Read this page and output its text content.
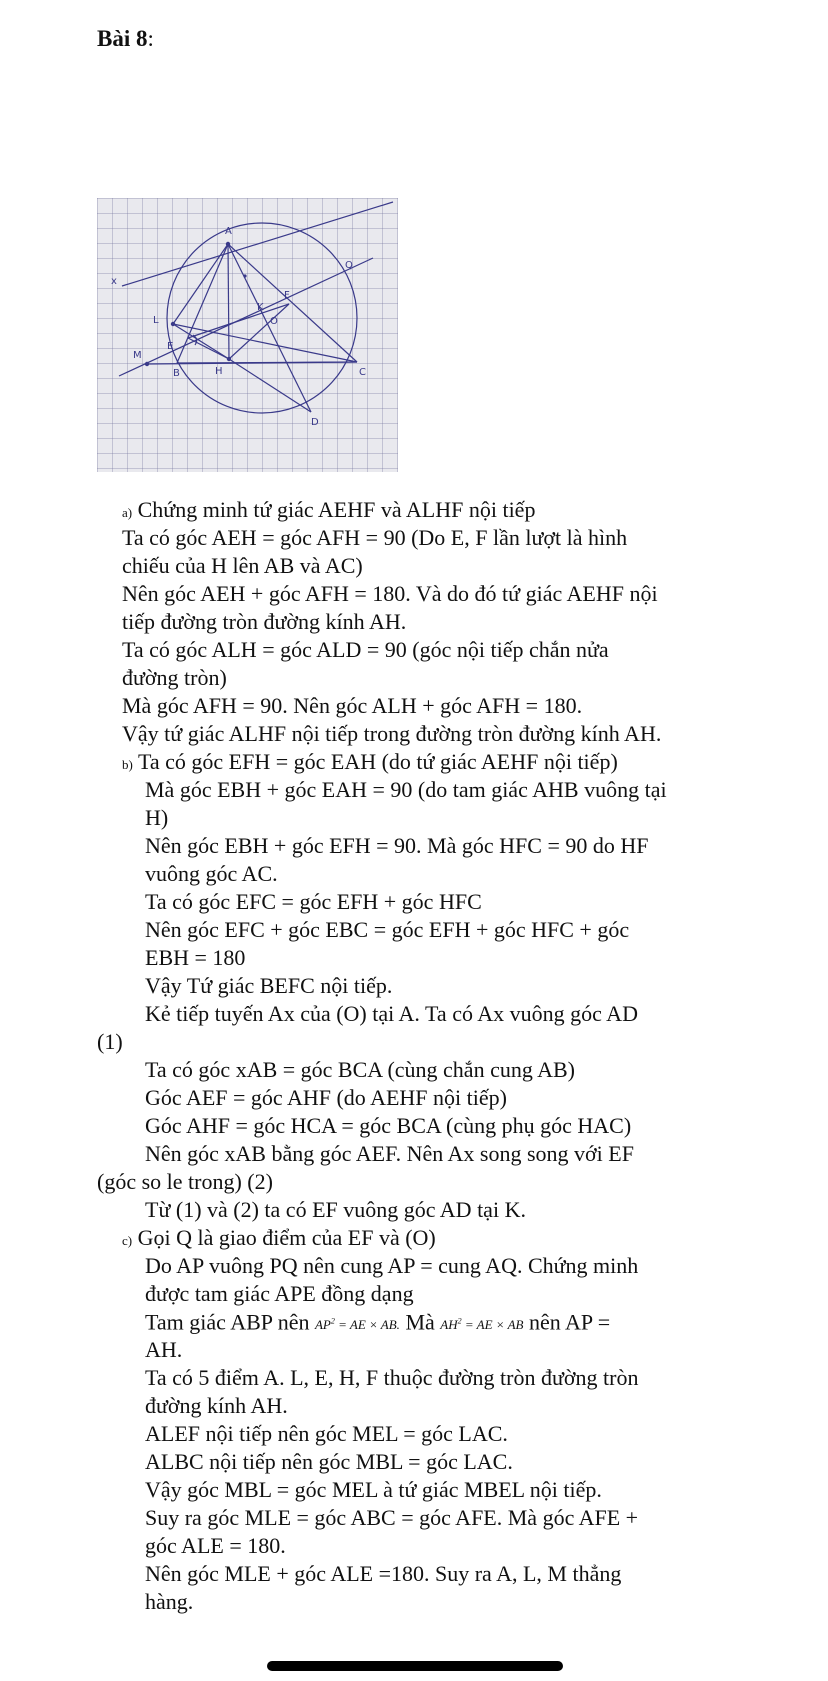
Bài 8:
A
x
Q
F
K
O
L
E
M
B	H	C
D
a) Chứng minh tứ giác AEHF và ALHF nội tiếp
Ta có góc AEH = góc AFH = 90 (Do E, F lần lượt là hình
chiếu của H lên AB và AC)
Nên góc AEH + góc AFH = 180. Và do đó tứ giác AEHF nội
tiếp đường tròn đường kính AH.
Ta có góc ALH = góc ALD = 90 (góc nội tiếp chắn nửa
đường tròn)
Mà góc AFH = 90. Nên góc ALH + góc AFH = 180.
Vậy tứ giác ALHF nội tiếp trong đường tròn đường kính AH.
b) Ta có góc EFH = góc EAH (do tứ giác AEHF nội tiếp)
Mà góc EBH + góc EAH = 90 (do tam giác AHB vuông tại
H)
Nên góc EBH + góc EFH = 90. Mà góc HFC = 90 do HF
vuông góc AC.
Ta có góc EFC = góc EFH + góc HFC
Nên góc EFC + góc EBC = góc EFH + góc HFC + góc
EBH = 180
Vậy Tứ giác BEFC nội tiếp.
Kẻ tiếp tuyến Ax của (O) tại A. Ta có Ax vuông góc AD
(1)
Ta có góc xAB = góc BCA (cùng chắn cung AB)
Góc AEF = góc AHF (do AEHF nội tiếp)
Góc AHF = góc HCA = góc BCA (cùng phụ góc HAC)
Nên góc xAB bằng góc AEF. Nên Ax song song với EF
(góc so le trong) (2)
Từ (1) và (2) ta có EF vuông góc AD tại K.
c) Gọi Q là giao điểm của EF và (O)
Do AP vuông PQ nên cung AP = cung AQ. Chứng minh
được tam giác APE đồng dạng
Tam giác ABP nên $AP^2$ = AE × AB. Mà $AH^2$ = AE × AB nên AP =
AH.
Ta có 5 điểm A. L, E, H, F thuộc đường tròn đường tròn
đường kính AH.
ALEF nội tiếp nên góc MEL = góc LAC.
ALBC nội tiếp nên góc MBL = góc LAC.
Vậy góc MBL = góc MEL à tứ giác MBEL nội tiếp.
Suy ra góc MLE = góc ABC = góc AFE. Mà góc AFE +
góc ALE = 180.
Nên góc MLE + góc ALE =180. Suy ra A, L, M thẳng
hàng.
